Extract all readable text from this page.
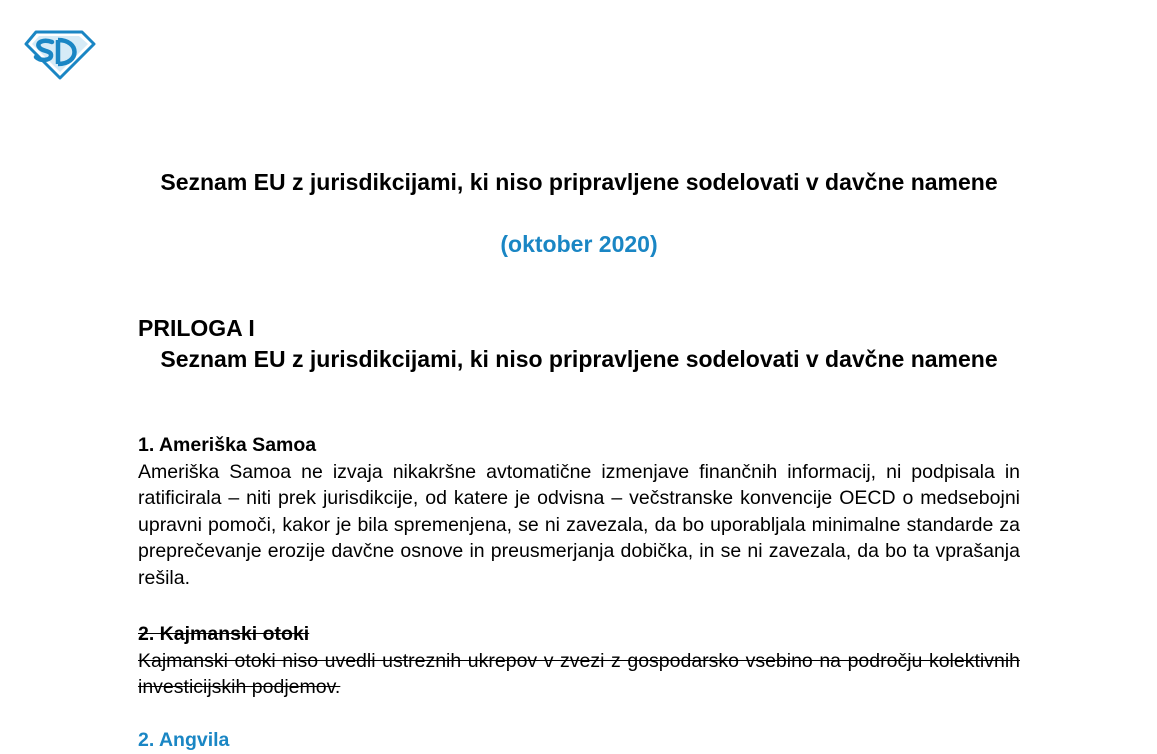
Seznam EU z jurisdikcijami, ki niso pripravljene sodelovati v davčne namene
(oktober 2020)
PRILOGA I
Seznam EU z jurisdikcijami, ki niso pripravljene sodelovati v davčne namene
1. Ameriška Samoa
Ameriška Samoa ne izvaja nikakršne avtomatične izmenjave finančnih informacij, ni podpisala in ratificirala – niti prek jurisdikcije, od katere je odvisna – večstranske konvencije OECD o medsebojni upravni pomoči, kakor je bila spremenjena, se ni zavezala, da bo uporabljala minimalne standarde za preprečevanje erozije davčne osnove in preusmerjanja dobička, in se ni zavezala, da bo ta vprašanja rešila.
2. Kajmanski otoki
Kajmanski otoki niso uvedli ustreznih ukrepov v zvezi z gospodarsko vsebino na področju kolektivnih investicijskih podjemov.
2. Angvila
